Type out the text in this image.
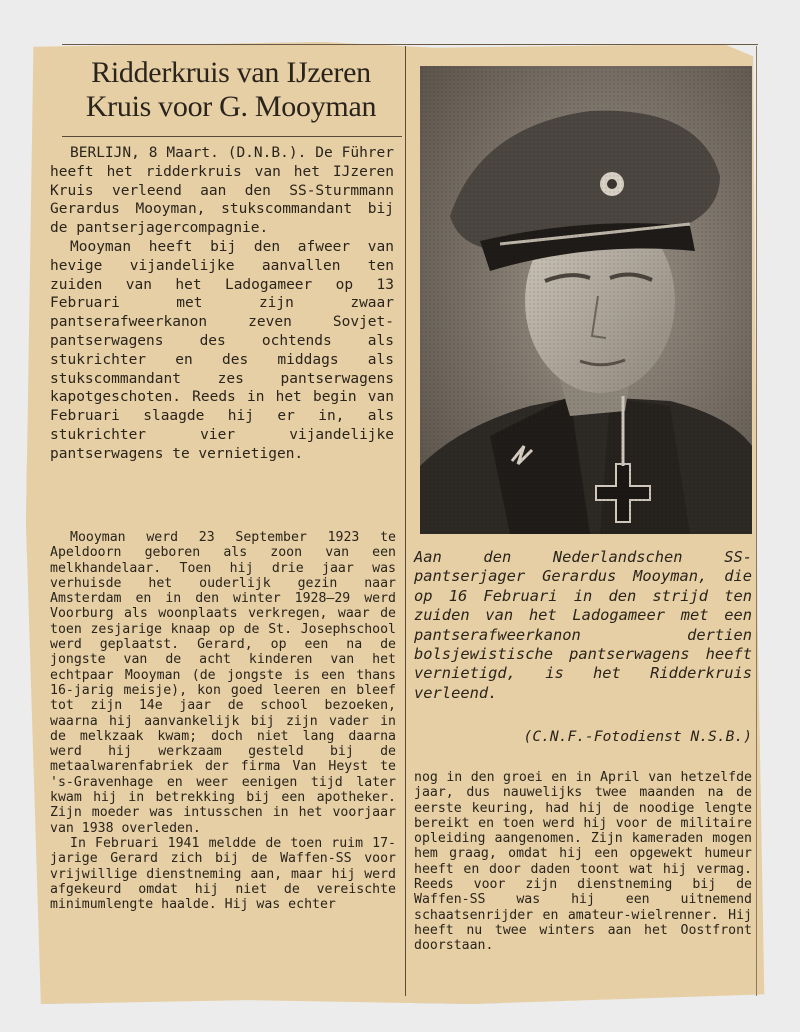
Ridderkruis van IJzeren
Kruis voor G. Mooyman

BERLIJN, 8 Maart. (D.N.B.). De Führer heeft het ridderkruis van het IJzeren Kruis verleend aan den SS-Sturmmann Gerardus Mooyman, stukscommandant bij de pantserjagercompagnie.

Mooyman heeft bij den afweer van hevige vijandelijke aanvallen ten zuiden van het Ladogameer op 13 Februari met zijn zwaar pantserafweerkanon zeven Sovjet-pantserwagens des ochtends als stukrichter en des middags als stukscommandant zes pantserwagens kapotgeschoten. Reeds in het begin van Februari slaagde hij er in, als stukrichter vier vijandelijke pantserwagens te vernietigen.

Mooyman werd 23 September 1923 te Apeldoorn geboren als zoon van een melkhandelaar. Toen hij drie jaar was verhuisde het ouderlijk gezin naar Amsterdam en in den winter 1928—29 werd Voorburg als woonplaats verkregen, waar de toen zesjarige knaap op de St. Josephschool werd geplaatst. Gerard, op een na de jongste van de acht kinderen van het echtpaar Mooyman (de jongste is een thans 16-jarig meisje), kon goed leeren en bleef tot zijn 14e jaar de school bezoeken, waarna hij aanvankelijk bij zijn vader in de melkzaak kwam; doch niet lang daarna werd hij werkzaam gesteld bij de metaalwarenfabriek der firma Van Heyst te 's-Gravenhage en weer eenigen tijd later kwam hij in betrekking bij een apotheker. Zijn moeder was intusschen in het voorjaar van 1938 overleden.

In Februari 1941 meldde de toen ruim 17-jarige Gerard zich bij de Waffen-SS voor vrijwillige dienstneming aan, maar hij werd afgekeurd omdat hij niet de vereischte minimumlengte haalde. Hij was echter

Aan den Nederlandschen SS-pantserjager Gerardus Mooyman, die op 16 Februari in den strijd ten zuiden van het Ladogameer met een pantserafweerkanon dertien bolsjewistische pantserwagens heeft vernietigd, is het Ridderkruis verleend.
(C.N.F.-Fotodienst N.S.B.)
nog in den groei en in April van hetzelfde jaar, dus nauwelijks twee maanden na de eerste keuring, had hij de noodige lengte bereikt en toen werd hij voor de militaire opleiding aangenomen. Zijn kameraden mogen hem graag, omdat hij een opgewekt humeur heeft en door daden toont wat hij vermag. Reeds voor zijn dienstneming bij de Waffen-SS was hij een uitnemend schaatsenrijder en amateur-wielrenner. Hij heeft nu twee winters aan het Oostfront doorstaan.
